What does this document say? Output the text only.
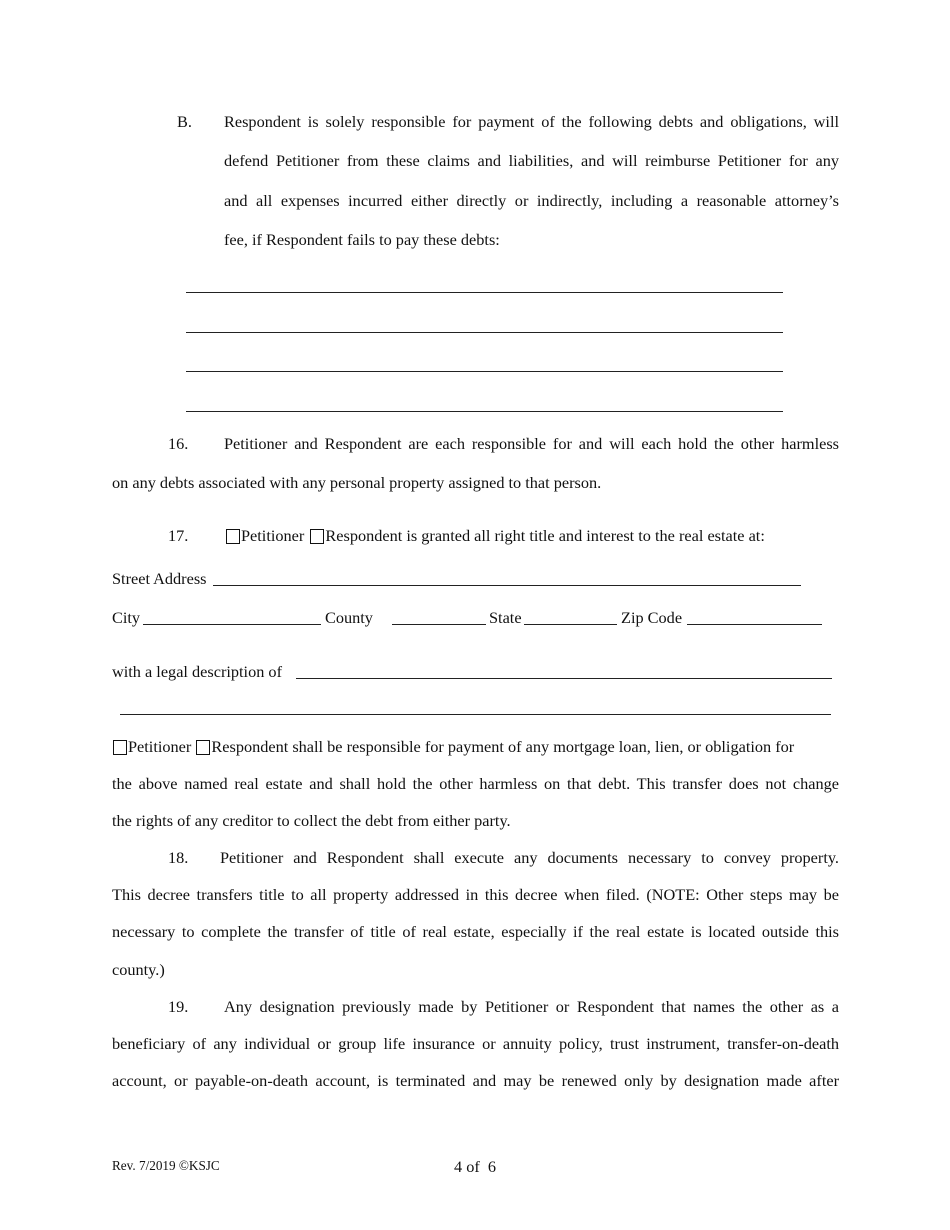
B. Respondent is solely responsible for payment of the following debts and obligations, will
defend Petitioner from these claims and liabilities, and will reimburse Petitioner for any
and all expenses incurred either directly or indirectly, including a reasonable attorney’s
fee, if Respondent fails to pay these debts:
16. Petitioner and Respondent are each responsible for and will each hold the other harmless
on any debts associated with any personal property assigned to that person.
17.	Petitioner Respondent is granted all right title and interest to the real estate at:
Street Address
City	County	State	Zip Code
with a legal description of
Petitioner Respondent shall be responsible for payment of any mortgage loan, lien, or obligation for
the above named real estate and shall hold the other harmless on that debt. This transfer does not change
the rights of any creditor to collect the debt from either party.
18. Petitioner and Respondent shall execute any documents necessary to convey property.
This decree transfers title to all property addressed in this decree when filed. (NOTE: Other steps may be
necessary to complete the transfer of title of real estate, especially if the real estate is located outside this
county.)
19. Any designation previously made by Petitioner or Respondent that names the other as a
beneficiary of any individual or group life insurance or annuity policy, trust instrument, transfer-on-death
account, or payable-on-death account, is terminated and may be renewed only by designation made after
Rev. 7/2019 ©KSJC	4 of  6
